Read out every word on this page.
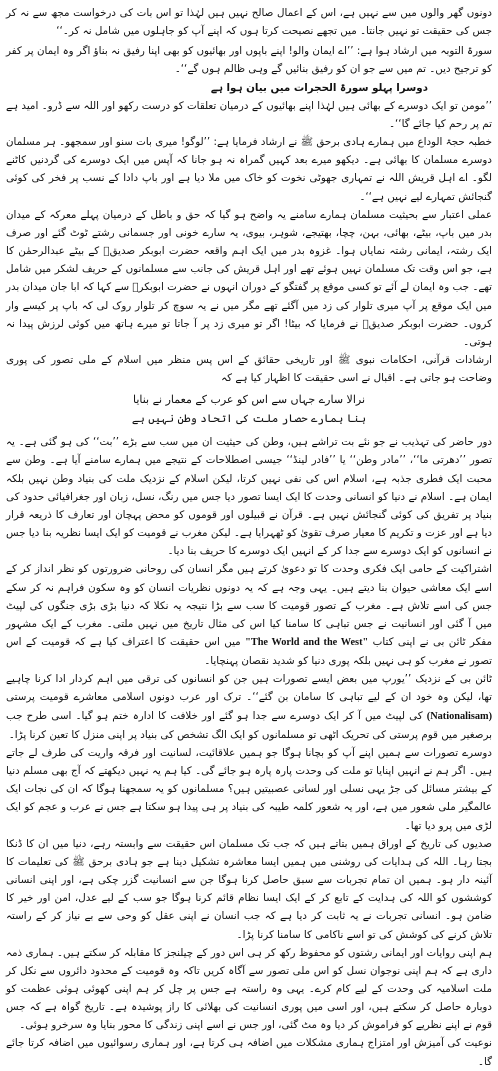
دونوں گھر والوں میں سے نہیں ہے، اس کے اعمال صالح نہیں ہیں لہٰذا تو اس بات کی درخواست مجھ سے نہ کر جس کی حقیقت تو نہیں جانتا۔ میں تجھے نصیحت کرتا ہوں کہ اپنے آپ کو جاہلوں میں شامل نہ کر۔‘‘

سورۃ التوبہ میں ارشاد ہوا ہے: ’’اے ایمان والو! اپنے باپوں اور بھائیوں کو بھی اپنا رفیق نہ بناؤ اگر وہ ایمان پر کفر کو ترجیح دیں۔ تم میں سے جو ان کو رفیق بنائیں گے وہی ظالم ہوں گے‘‘۔

دوسرا پہلو سورۃ الحجرات میں بیان ہوا ہے

’’مومن تو ایک دوسرے کے بھائی ہیں لہٰذا اپنے بھائیوں کے درمیان تعلقات کو درست رکھو اور اللہ سے ڈرو۔ امید ہے تم پر رحم کیا جائے گا‘‘۔

خطبہ حجۃ الوداع میں ہمارے ہادی برحق ﷺ نے ارشاد فرمایا ہے: ’’لوگو! میری بات سنو اور سمجھو۔ ہر مسلمان دوسرے مسلمان کا بھائی ہے۔ دیکھو میرے بعد کہیں گمراہ نہ ہو جانا کہ آپس میں ایک دوسرے کی گردنیں کاٹنے لگو۔ اے اہل قریش اللہ نے تمہاری جھوٹی نخوت کو خاک میں ملا دیا ہے اور باپ دادا کے نسب پر فخر کی کوئی گنجائش تمہارے لیے نہیں ہے‘‘۔

عملی اعتبار سے بحیثیت مسلمان ہمارے سامنے یہ واضح ہو گیا کہ حق و باطل کے درمیان پہلے معرکہ کے میدان بدر میں باپ، بیٹے، بھائی، بہن، چچا، بھتیجے، شوہر، بیوی، یہ سارے خونی اور جسمانی رشتے ٹوٹ گئے اور صرف ایک رشتہ، ایمانی رشتہ نمایاں ہوا۔ غزوہ بدر میں ایک اہم واقعہ حضرت ابوبکر صدیقؓ کے بیٹے عبدالرحمٰن کا ہے، جو اس وقت تک مسلمان نہیں ہوئے تھے اور اہل قریش کی جانب سے مسلمانوں کے حریف لشکر میں شامل تھے۔ جب وہ ایمان لے آئے تو کسی موقع پر گفتگو کے دوران انہوں نے حضرت ابوبکرؓ سے کہا کہ ابا جان میدان بدر میں ایک موقع پر آپ میری تلوار کی زد میں آگئے تھے مگر میں نے یہ سوچ کر تلوار روک لی کہ باپ پر کیسے وار کروں۔ حضرت ابوبکر صدیقؓ نے فرمایا کہ بیٹا! اگر تو میری زد پر آ جاتا تو میرے ہاتھ میں کوئی لرزش پیدا نہ ہوتی۔

ارشادات قرآنی، احکامات نبوی ﷺ اور تاریخی حقائق کے اس پس منظر میں اسلام کے ملی تصور کی پوری وضاحت ہو جاتی ہے۔ اقبال نے اسی حقیقت کا اظہار کیا ہے کہ

نرالا سارے جہاں سے اس کو عرب کے معمار نے بنایا
بنا ہمارے حصار ملت کی اتحاد وطن نہیں ہے

دور حاضر کی تہذیب نے جو نئے بت تراشے ہیں، وطن کی حیثیت ان میں سب سے بڑے ’’بت‘‘ کی ہو گئی ہے۔ یہ تصور ’’دھرتی ما‘‘، ’’مادر وطن‘‘ یا ’’فادر لینڈ‘‘ جیسی اصطلاحات کے نتیجے میں ہمارے سامنے آیا ہے۔ وطن سے محبت ایک فطری جذبہ ہے، اسلام اس کی نفی نہیں کرتا، لیکن اسلام کے نزدیک ملت کی بنیاد وطن نہیں بلکہ ایمان ہے۔ اسلام نے دنیا کو انسانی وحدت کا ایک ایسا تصور دیا جس میں رنگ، نسل، زبان اور جغرافیائی حدود کی بنیاد پر تفریق کی کوئی گنجائش نہیں ہے۔ قرآن نے قبیلوں اور قوموں کو محض پہچان اور تعارف کا ذریعہ قرار دیا ہے اور عزت و تکریم کا معیار صرف تقویٰ کو ٹھہرایا ہے۔ لیکن مغرب نے قومیت کو ایک ایسا نظریہ بنا دیا جس نے انسانوں کو ایک دوسرے سے جدا کر کے انہیں ایک دوسرے کا حریف بنا دیا۔

اشتراکیت کے حامی ایک فکری وحدت کا تو دعویٰ کرتے ہیں مگر انسان کی روحانی ضرورتوں کو نظر انداز کر کے اسے ایک معاشی حیوان بنا دیتے ہیں۔ یہی وجہ ہے کہ یہ دونوں نظریات انسان کو وہ سکون فراہم نہ کر سکے جس کی اسے تلاش ہے۔ مغرب کے تصور قومیت کا سب سے بڑا نتیجہ یہ نکلا کہ دنیا بڑی بڑی جنگوں کی لپیٹ میں آ گئی اور انسانیت نے جس تباہی کا سامنا کیا اس کی مثال تاریخ میں نہیں ملتی۔ مغرب کے ایک مشہور مفکر ٹائن بی نے اپنی کتاب "The World and the West" میں اس حقیقت کا اعتراف کیا ہے کہ قومیت کے اس تصور نے مغرب کو ہی نہیں بلکہ پوری دنیا کو شدید نقصان پہنچایا۔

ٹائن بی کے نزدیک ’’یورپ میں بعض ایسے تصورات ہیں جن کو انسانوں کی ترقی میں اہم کردار ادا کرنا چاہیے تھا، لیکن وہ خود ان کے لیے تباہی کا سامان بن گئے‘‘۔ ترک اور عرب دونوں اسلامی معاشرے قومیت پرستی (Nationalisam) کی لپیٹ میں آ کر ایک دوسرے سے جدا ہو گئے اور خلافت کا ادارہ ختم ہو گیا۔ اسی طرح جب برصغیر میں قوم پرستی کی تحریک اٹھی تو مسلمانوں کو ایک الگ تشخص کی بنیاد پر اپنی منزل کا تعین کرنا پڑا۔

دوسرے تصورات سے ہمیں اپنے آپ کو بچانا ہوگا جو ہمیں علاقائیت، لسانیت اور فرقہ واریت کی طرف لے جاتے ہیں۔ اگر ہم نے انہیں اپنایا تو ملت کی وحدت پارہ پارہ ہو جائے گی۔ کیا ہم یہ نہیں دیکھتے کہ آج بھی مسلم دنیا کے بیشتر مسائل کی جڑ یہی نسلی اور لسانی عصبیتیں ہیں؟ مسلمانوں کو یہ سمجھنا ہوگا کہ ان کی نجات ایک عالمگیر ملی شعور میں ہے، اور یہ شعور کلمہ طیبہ کی بنیاد پر ہی پیدا ہو سکتا ہے جس نے عرب و عجم کو ایک لڑی میں پرو دیا تھا۔

صدیوں کی تاریخ کے اوراق ہمیں بتاتے ہیں کہ جب تک مسلمان اس حقیقت سے وابستہ رہے، دنیا میں ان کا ڈنکا بجتا رہا۔ اللہ کی ہدایات کی روشنی میں ہمیں ایسا معاشرہ تشکیل دینا ہے جو ہادی برحق ﷺ کی تعلیمات کا آئینہ دار ہو۔ ہمیں ان تمام تجربات سے سبق حاصل کرنا ہوگا جن سے انسانیت گزر چکی ہے، اور اپنی انسانی کوششوں کو اللہ کی ہدایت کے تابع کر کے ایک ایسا نظام قائم کرنا ہوگا جو سب کے لیے عدل، امن اور خیر کا ضامن ہو۔ انسانی تجربات نے یہ ثابت کر دیا ہے کہ جب انسان نے اپنی عقل کو وحی سے بے نیاز کر کے راستہ تلاش کرنے کی کوشش کی تو اسے ناکامی کا سامنا کرنا پڑا۔

ہم اپنی روایات اور ایمانی رشتوں کو محفوظ رکھ کر ہی اس دور کے چیلنجز کا مقابلہ کر سکتے ہیں۔ ہماری ذمہ داری ہے کہ ہم اپنی نوجوان نسل کو اس ملی تصور سے آگاہ کریں تاکہ وہ قومیت کے محدود دائروں سے نکل کر ملت اسلامیہ کی وحدت کے لیے کام کرے۔ یہی وہ راستہ ہے جس پر چل کر ہم اپنی کھوئی ہوئی عظمت کو دوبارہ حاصل کر سکتے ہیں، اور اسی میں پوری انسانیت کی بھلائی کا راز پوشیدہ ہے۔ تاریخ گواہ ہے کہ جس قوم نے اپنے نظریے کو فراموش کر دیا وہ مٹ گئی، اور جس نے اسے اپنی زندگی کا محور بنایا وہ سرخرو ہوئی۔

نوعیت کی آمیزش اور امتزاج ہماری مشکلات میں اضافہ ہی کرتا ہے، اور ہماری رسوائیوں میں اضافہ کرتا جائے گا۔
